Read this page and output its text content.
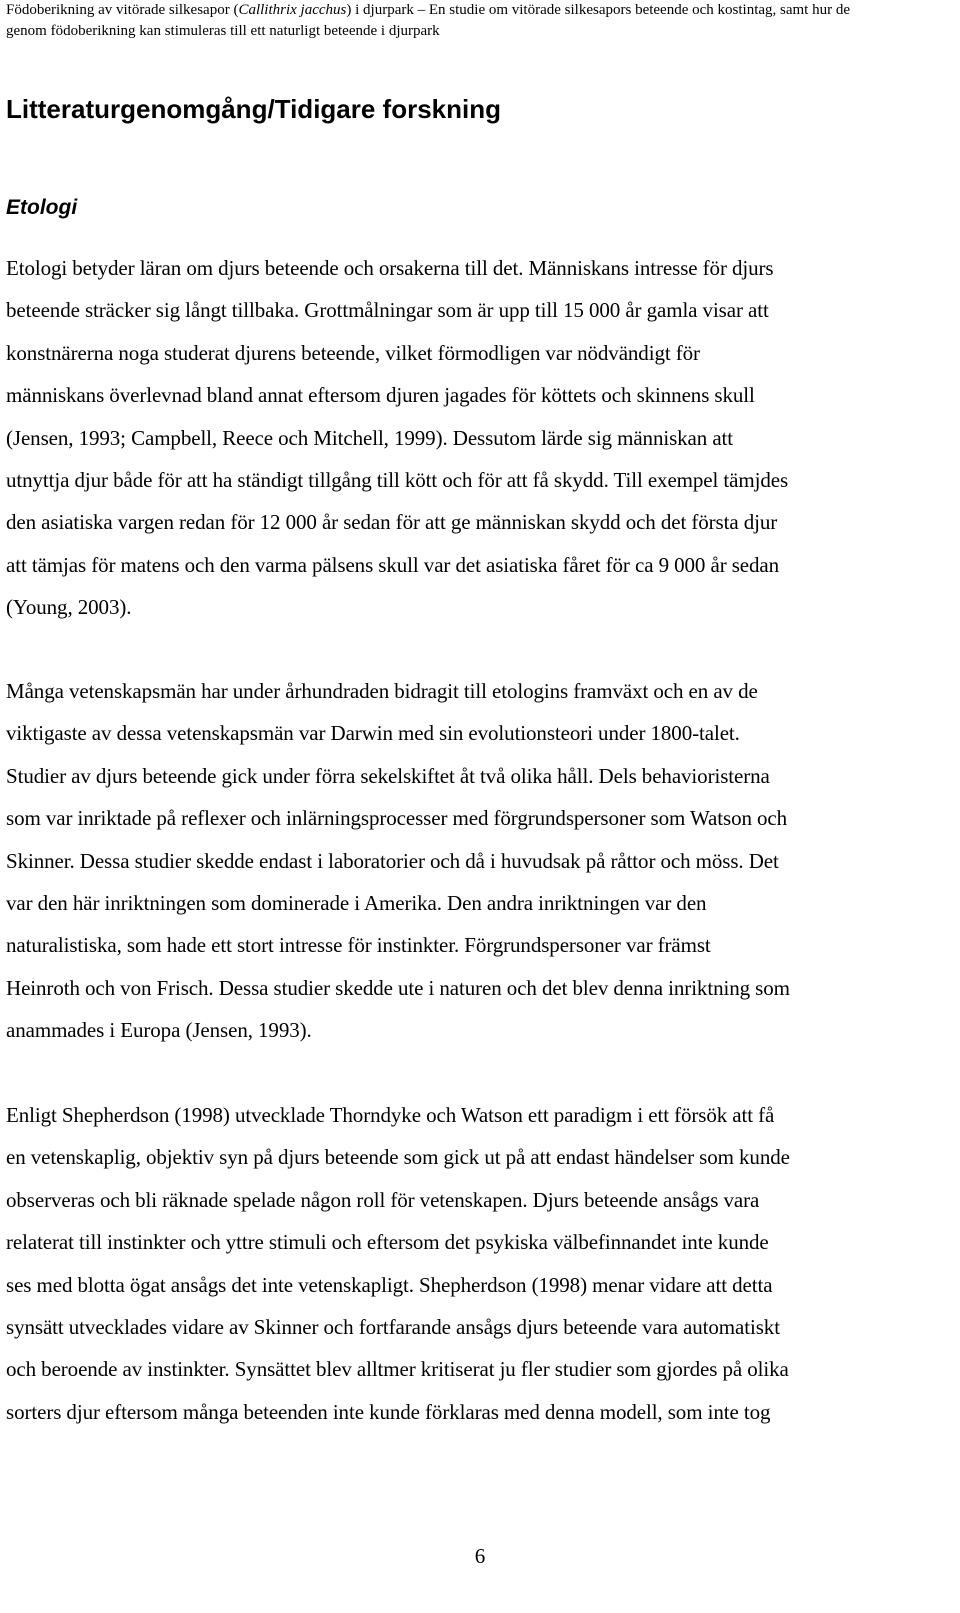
Födoberikning av vitörade silkesapor (Callithrix jacchus) i djurpark – En studie om vitörade silkesapors beteende och kostintag, samt hur de
genom födoberikning kan stimuleras till ett naturligt beteende i djurpark
Litteraturgenomgång/Tidigare forskning
Etologi
Etologi betyder läran om djurs beteende och orsakerna till det. Människans intresse för djurs
beteende sträcker sig långt tillbaka. Grottmålningar som är upp till 15 000 år gamla visar att
konstnärerna noga studerat djurens beteende, vilket förmodligen var nödvändigt för
människans överlevnad bland annat eftersom djuren jagades för köttets och skinnens skull
(Jensen, 1993; Campbell, Reece och Mitchell, 1999). Dessutom lärde sig människan att
utnyttja djur både för att ha ständigt tillgång till kött och för att få skydd. Till exempel tämjdes
den asiatiska vargen redan för 12 000 år sedan för att ge människan skydd och det första djur
att tämjas för matens och den varma pälsens skull var det asiatiska fåret för ca 9 000 år sedan
(Young, 2003).
Många vetenskapsmän har under århundraden bidragit till etologins framväxt och en av de
viktigaste av dessa vetenskapsmän var Darwin med sin evolutionsteori under 1800-talet.
Studier av djurs beteende gick under förra sekelskiftet åt två olika håll. Dels behavioristerna
som var inriktade på reflexer och inlärningsprocesser med förgrundspersoner som Watson och
Skinner. Dessa studier skedde endast i laboratorier och då i huvudsak på råttor och möss. Det
var den här inriktningen som dominerade i Amerika. Den andra inriktningen var den
naturalistiska, som hade ett stort intresse för instinkter. Förgrundspersoner var främst
Heinroth och von Frisch. Dessa studier skedde ute i naturen och det blev denna inriktning som
anammades i Europa (Jensen, 1993).
Enligt Shepherdson (1998) utvecklade Thorndyke och Watson ett paradigm i ett försök att få
en vetenskaplig, objektiv syn på djurs beteende som gick ut på att endast händelser som kunde
observeras och bli räknade spelade någon roll för vetenskapen. Djurs beteende ansågs vara
relaterat till instinkter och yttre stimuli och eftersom det psykiska välbefinnandet inte kunde
ses med blotta ögat ansågs det inte vetenskapligt. Shepherdson (1998) menar vidare att detta
synsätt utvecklades vidare av Skinner och fortfarande ansågs djurs beteende vara automatiskt
och beroende av instinkter. Synsättet blev alltmer kritiserat ju fler studier som gjordes på olika
sorters djur eftersom många beteenden inte kunde förklaras med denna modell, som inte tog
6
